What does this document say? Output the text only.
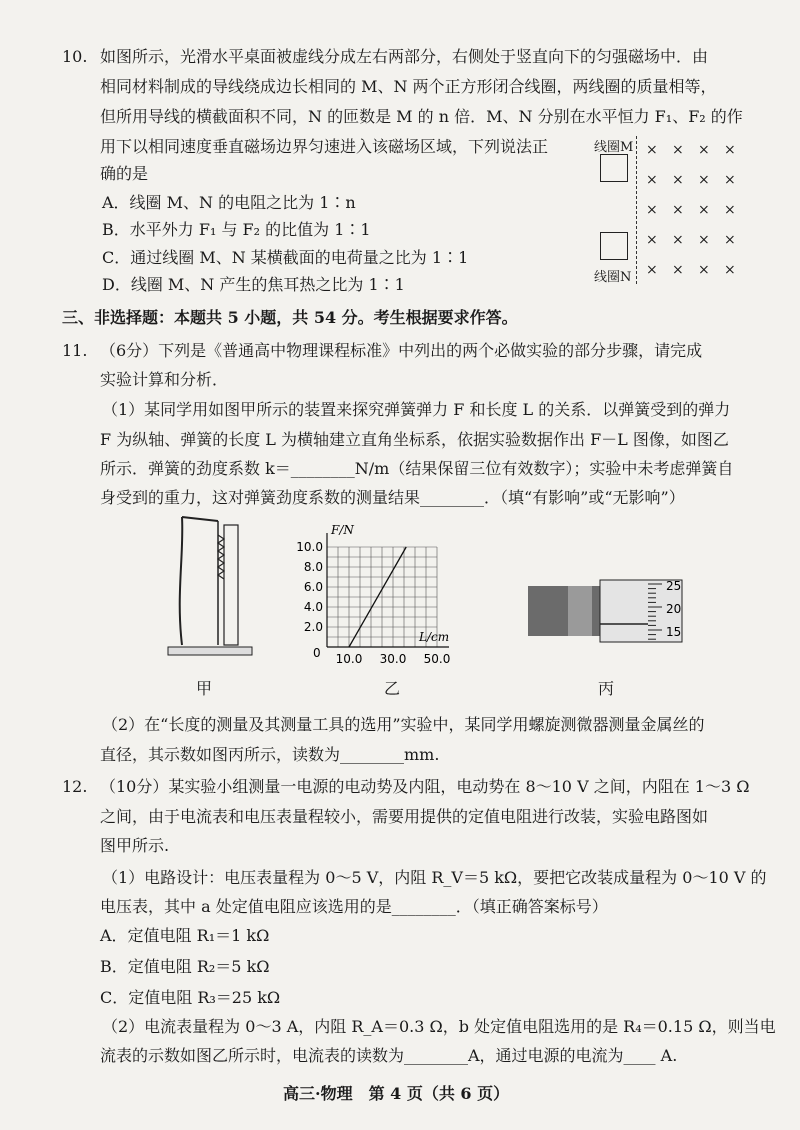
10. 如图所示，光滑水平桌面被虚线分成左右两部分，右侧处于竖直向下的匀强磁场中．由
相同材料制成的导线绕成边长相同的 M、N 两个正方形闭合线圈，两线圈的质量相等，
但所用导线的横截面积不同，N 的匝数是 M 的 n 倍．M、N 分别在水平恒力 F₁、F₂ 的作
用下以相同速度垂直磁场边界匀速进入该磁场区域，下列说法正
确的是
A．线圈 M、N 的电阻之比为 1∶n
B．水平外力 F₁ 与 F₂ 的比值为 1∶1
C．通过线圈 M、N 某横截面的电荷量之比为 1∶1
D．线圈 M、N 产生的焦耳热之比为 1∶1
线圈M
线圈N
× × × ×
× × × ×
× × × ×
× × × ×
× × × ×
三、非选择题：本题共 5 小题，共 54 分。考生根据要求作答。
11. （6分）下列是《普通高中物理课程标准》中列出的两个必做实验的部分步骤，请完成
实验计算和分析．
（1）某同学用如图甲所示的装置来探究弹簧弹力 F 和长度 L 的关系．以弹簧受到的弹力
F 为纵轴、弹簧的长度 L 为横轴建立直角坐标系，依据实验数据作出 F－L 图像，如图乙
所示．弹簧的劲度系数 k＝________N/m（结果保留三位有效数字）；实验中未考虑弹簧自
身受到的重力，这对弹簧劲度系数的测量结果________．（填“有影响”或“无影响”）
10.0
8.0
6.0
4.0
2.0
10.0 30.0 50.0
0
F/N
L/cm
25
20
15
甲	乙	丙
（2）在“长度的测量及其测量工具的选用”实验中，某同学用螺旋测微器测量金属丝的
直径，其示数如图丙所示，读数为________mm.
12. （10分）某实验小组测量一电源的电动势及内阻，电动势在 8～10 V 之间，内阻在 1～3 Ω
之间，由于电流表和电压表量程较小，需要用提供的定值电阻进行改装，实验电路图如
图甲所示.
（1）电路设计：电压表量程为 0～5 V，内阻 R_V＝5 kΩ，要把它改装成量程为 0～10 V 的
电压表，其中 a 处定值电阻应该选用的是________．（填正确答案标号）
A．定值电阻 R₁＝1 kΩ
B．定值电阻 R₂＝5 kΩ
C．定值电阻 R₃＝25 kΩ
（2）电流表量程为 0～3 A，内阻 R_A＝0.3 Ω，b 处定值电阻选用的是 R₄＝0.15 Ω，则当电
流表的示数如图乙所示时，电流表的读数为________A，通过电源的电流为____ A.
高三·物理　第 4 页（共 6 页）
